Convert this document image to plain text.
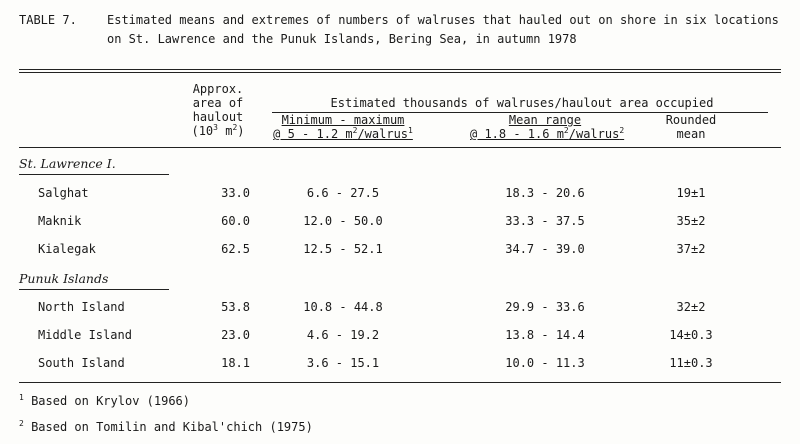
TABLE 7.	Estimated means and extremes of numbers of walruses that hauled out on shore in six locations
on St. Lawrence and the Punuk Islands, Bering Sea, in autumn 1978
Approx.
area of
haulout
($10^3$ $m^2$)
Estimated thousands of walruses/haulout area occupied
Minimum - maximum
@ 5 - 1.2 $m^2/walrus^1$
Mean range
@ 1.8 - 1.6 $m^2/walrus^2$
Rounded
mean
St. Lawrence I.
Salghat	33.0	6.6 - 27.5	18.3 - 20.6	19±1
Maknik	60.0	12.0 - 50.0	33.3 - 37.5	35±2
Kialegak	62.5	12.5 - 52.1	34.7 - 39.0	37±2
Punuk Islands
North Island	53.8	10.8 - 44.8	29.9 - 33.6	32±2
Middle Island	23.0	4.6 - 19.2	13.8 - 14.4	14±0.3
South Island	18.1	3.6 - 15.1	10.0 - 11.3	11±0.3
$^1$ Based on Krylov (1966)
$^2$ Based on Tomilin and Kibal'chich (1975)
